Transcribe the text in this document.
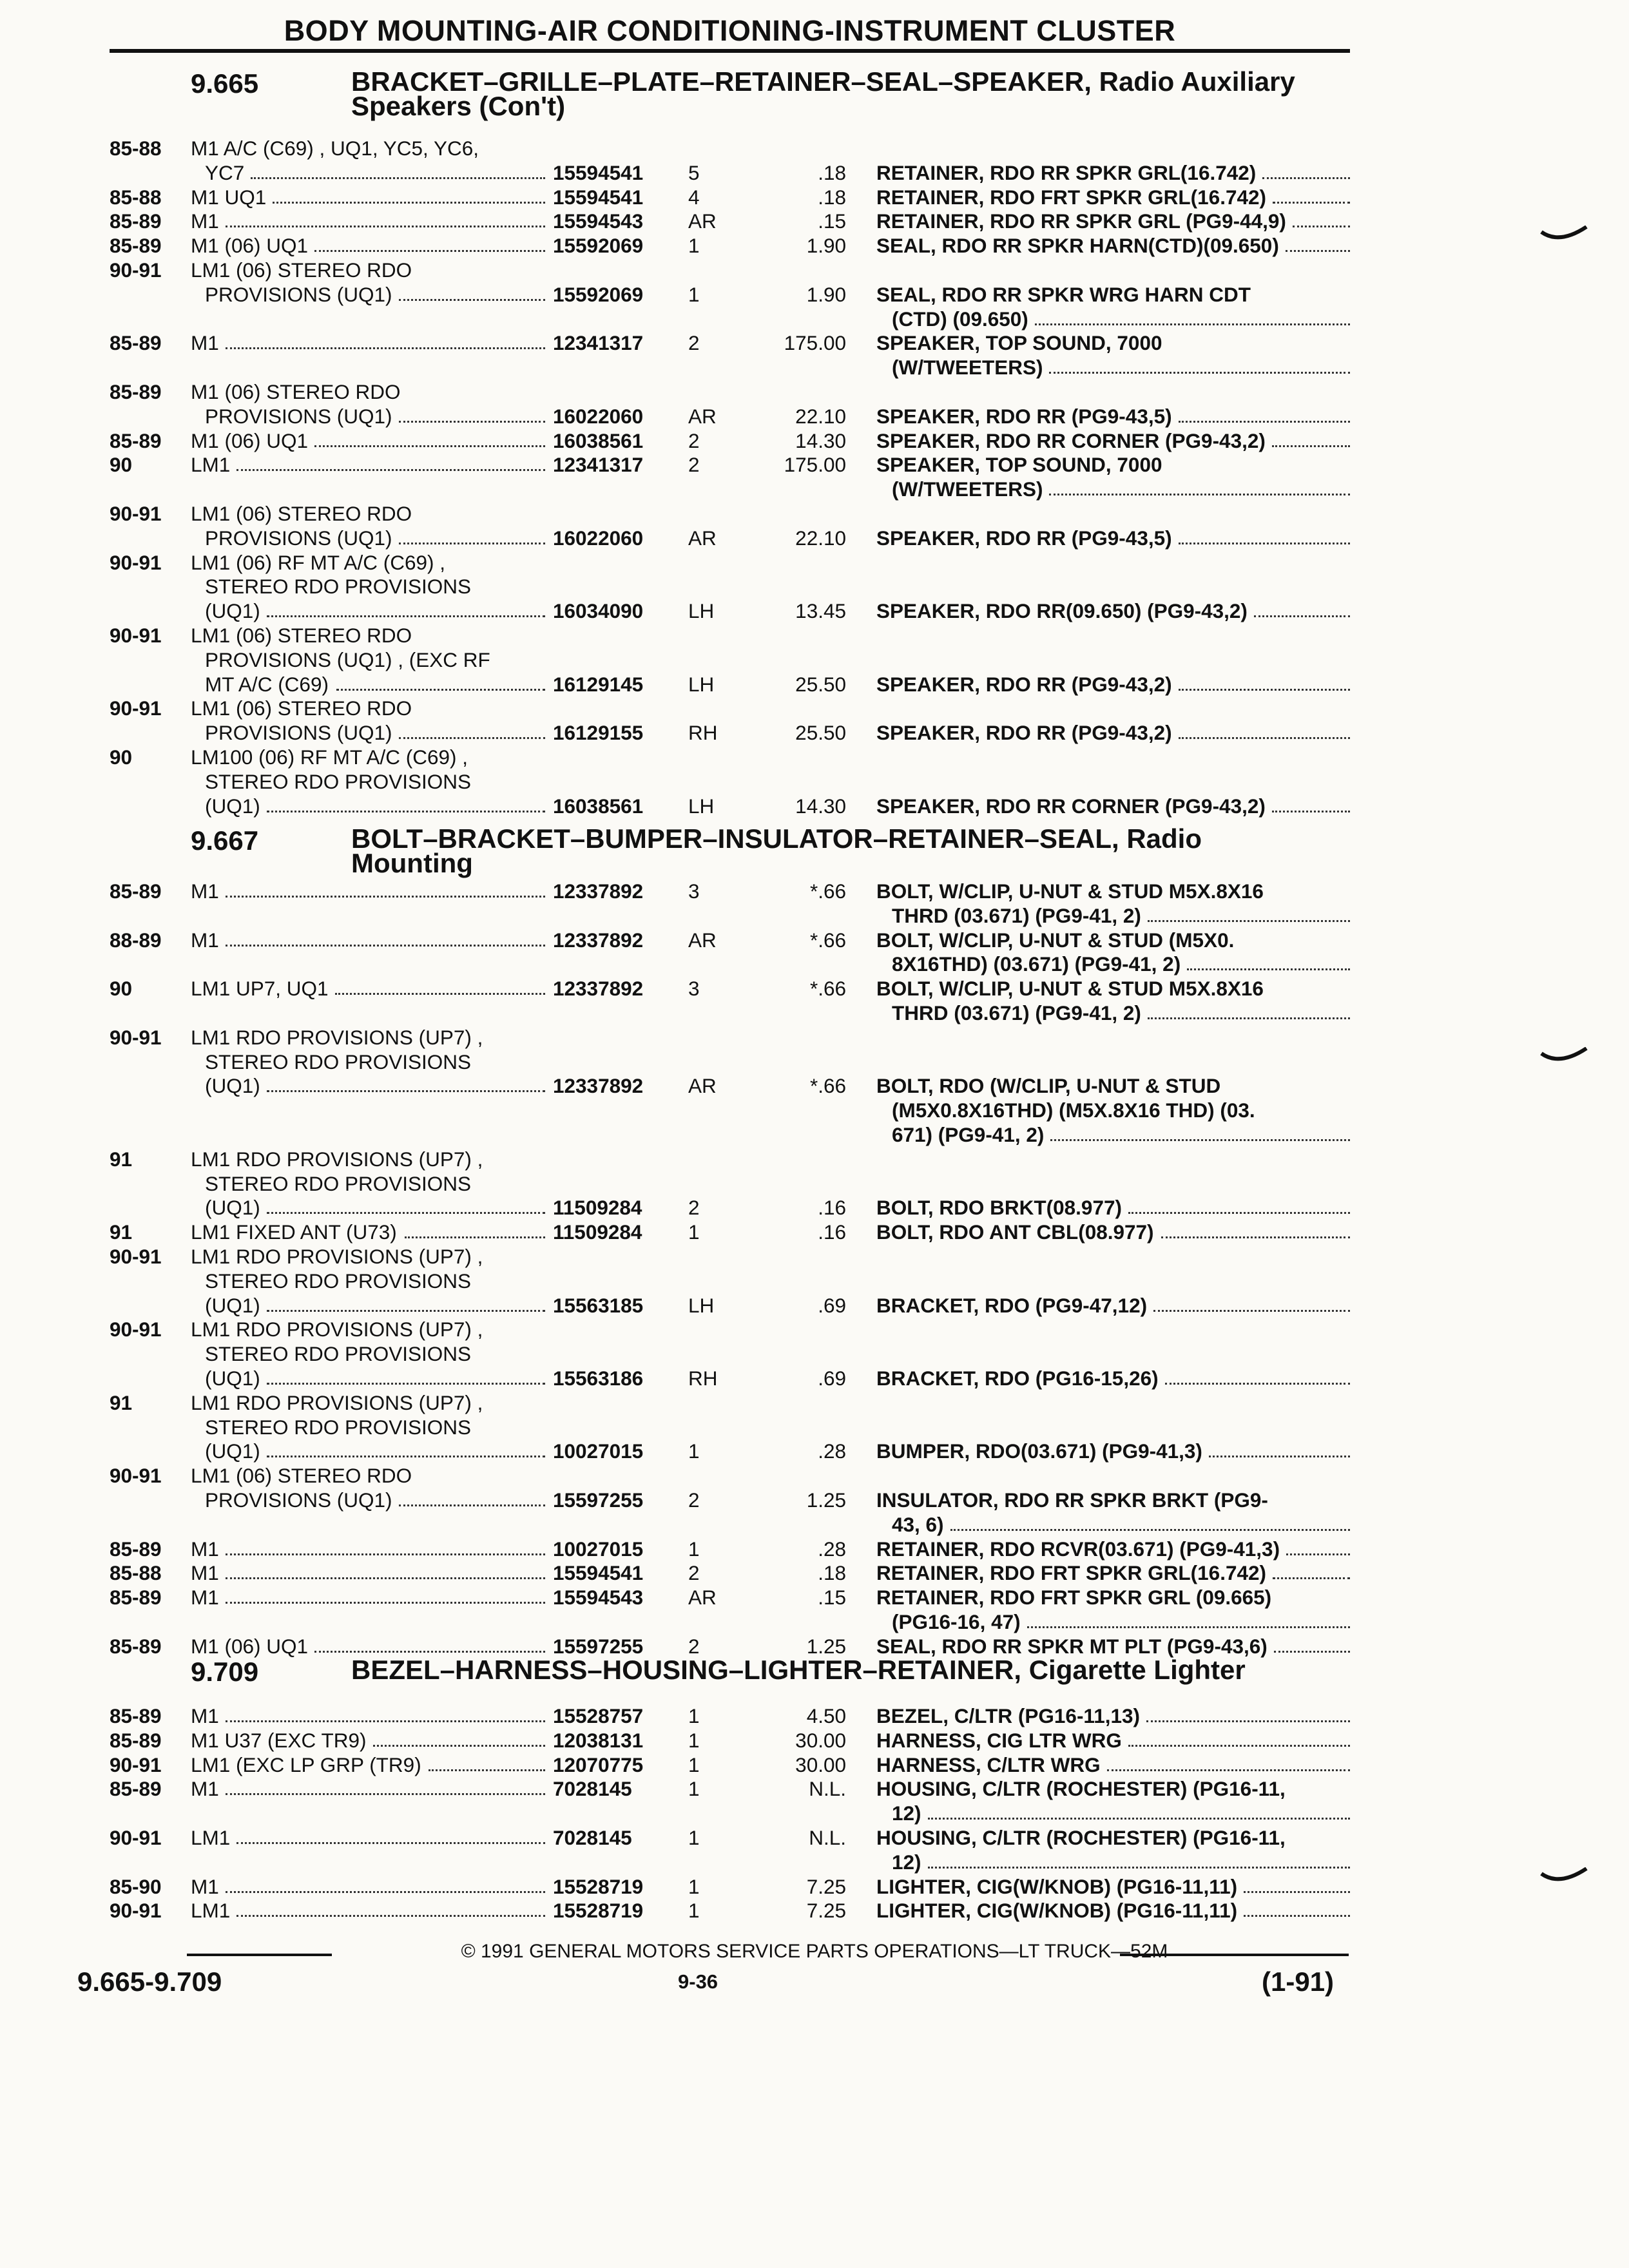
BODY MOUNTING-AIR CONDITIONING-INSTRUMENT CLUSTER
9.665	BRACKET–GRILLE–PLATE–RETAINER–SEAL–SPEAKER, Radio Auxiliary
Speakers (Con't)
85-88 M1 A/C (C69) , UQ1, YC5, YC6,
YC7	15594541 5	.18 RETAINER, RDO RR SPKR GRL(16.742)
85-88 M1 UQ1	15594541 4	.18 RETAINER, RDO FRT SPKR GRL(16.742)
85-89 M1	15594543 AR	.15 RETAINER, RDO RR SPKR GRL (PG9-44,9)
85-89 M1 (06) UQ1	15592069 1	1.90 SEAL, RDO RR SPKR HARN(CTD)(09.650)
90-91 LM1 (06) STEREO RDO
PROVISIONS (UQ1)	15592069 1	1.90 SEAL, RDO RR SPKR WRG HARN CDT
(CTD) (09.650)
85-89 M1	12341317 2	175.00 SPEAKER, TOP SOUND, 7000
(W/TWEETERS)
85-89 M1 (06) STEREO RDO
PROVISIONS (UQ1)	16022060 AR	22.10 SPEAKER, RDO RR (PG9-43,5)
85-89 M1 (06) UQ1	16038561 2	14.30 SPEAKER, RDO RR CORNER (PG9-43,2)
90	LM1	12341317 2	175.00 SPEAKER, TOP SOUND, 7000
(W/TWEETERS)
90-91 LM1 (06) STEREO RDO
PROVISIONS (UQ1)	16022060 AR	22.10 SPEAKER, RDO RR (PG9-43,5)
90-91 LM1 (06) RF MT A/C (C69) ,
STEREO RDO PROVISIONS
(UQ1)	16034090 LH	13.45 SPEAKER, RDO RR(09.650) (PG9-43,2)
90-91 LM1 (06) STEREO RDO
PROVISIONS (UQ1) , (EXC RF
MT A/C (C69)	16129145 LH	25.50 SPEAKER, RDO RR (PG9-43,2)
90-91 LM1 (06) STEREO RDO
PROVISIONS (UQ1)	16129155 RH	25.50 SPEAKER, RDO RR (PG9-43,2)
90	LM100 (06) RF MT A/C (C69) ,
STEREO RDO PROVISIONS
(UQ1)	16038561 LH	14.30 SPEAKER, RDO RR CORNER (PG9-43,2)
9.667	BOLT–BRACKET–BUMPER–INSULATOR–RETAINER–SEAL, Radio
Mounting
85-89 M1	12337892 3	*.66 BOLT, W/CLIP, U-NUT & STUD M5X.8X16
THRD (03.671) (PG9-41, 2)
88-89 M1	12337892 AR	*.66 BOLT, W/CLIP, U-NUT & STUD (M5X0.
8X16THD) (03.671) (PG9-41, 2)
90	LM1 UP7, UQ1	12337892 3	*.66 BOLT, W/CLIP, U-NUT & STUD M5X.8X16
THRD (03.671) (PG9-41, 2)
90-91 LM1 RDO PROVISIONS (UP7) ,
STEREO RDO PROVISIONS
(UQ1)	12337892 AR	*.66 BOLT, RDO (W/CLIP, U-NUT & STUD
(M5X0.8X16THD) (M5X.8X16 THD) (03.
671) (PG9-41, 2)
91	LM1 RDO PROVISIONS (UP7) ,
STEREO RDO PROVISIONS
(UQ1)	11509284 2	.16 BOLT, RDO BRKT(08.977)
91	LM1 FIXED ANT (U73)	11509284 1	.16 BOLT, RDO ANT CBL(08.977)
90-91 LM1 RDO PROVISIONS (UP7) ,
STEREO RDO PROVISIONS
(UQ1)	15563185 LH	.69 BRACKET, RDO (PG9-47,12)
90-91 LM1 RDO PROVISIONS (UP7) ,
STEREO RDO PROVISIONS
(UQ1)	15563186 RH	.69 BRACKET, RDO (PG16-15,26)
91	LM1 RDO PROVISIONS (UP7) ,
STEREO RDO PROVISIONS
(UQ1)	10027015 1	.28 BUMPER, RDO(03.671) (PG9-41,3)
90-91 LM1 (06) STEREO RDO
PROVISIONS (UQ1)	15597255 2	1.25 INSULATOR, RDO RR SPKR BRKT (PG9-
43, 6)
85-89 M1	10027015 1	.28 RETAINER, RDO RCVR(03.671) (PG9-41,3)
85-88 M1	15594541 2	.18 RETAINER, RDO FRT SPKR GRL(16.742)
85-89 M1	15594543 AR	.15 RETAINER, RDO FRT SPKR GRL (09.665)
(PG16-16, 47)
85-89 M1 (06) UQ1	15597255 2	1.25 SEAL, RDO RR SPKR MT PLT (PG9-43,6)
9.709	BEZEL–HARNESS–HOUSING–LIGHTER–RETAINER, Cigarette Lighter
85-89 M1	15528757 1	4.50 BEZEL, C/LTR (PG16-11,13)
85-89 M1 U37 (EXC TR9)	12038131 1	30.00 HARNESS, CIG LTR WRG
90-91 LM1 (EXC LP GRP (TR9)	12070775 1	30.00 HARNESS, C/LTR WRG
85-89 M1	7028145	1	N.L. HOUSING, C/LTR (ROCHESTER) (PG16-11,
12)
90-91 LM1	7028145	1	N.L. HOUSING, C/LTR (ROCHESTER) (PG16-11,
12)
85-90 M1	15528719 1	7.25 LIGHTER, CIG(W/KNOB) (PG16-11,11)
90-91 LM1	15528719 1	7.25 LIGHTER, CIG(W/KNOB) (PG16-11,11)
© 1991 GENERAL MOTORS SERVICE PARTS OPERATIONS—LT TRUCK—52M
9.665-9.709	9-36	(1-91)
